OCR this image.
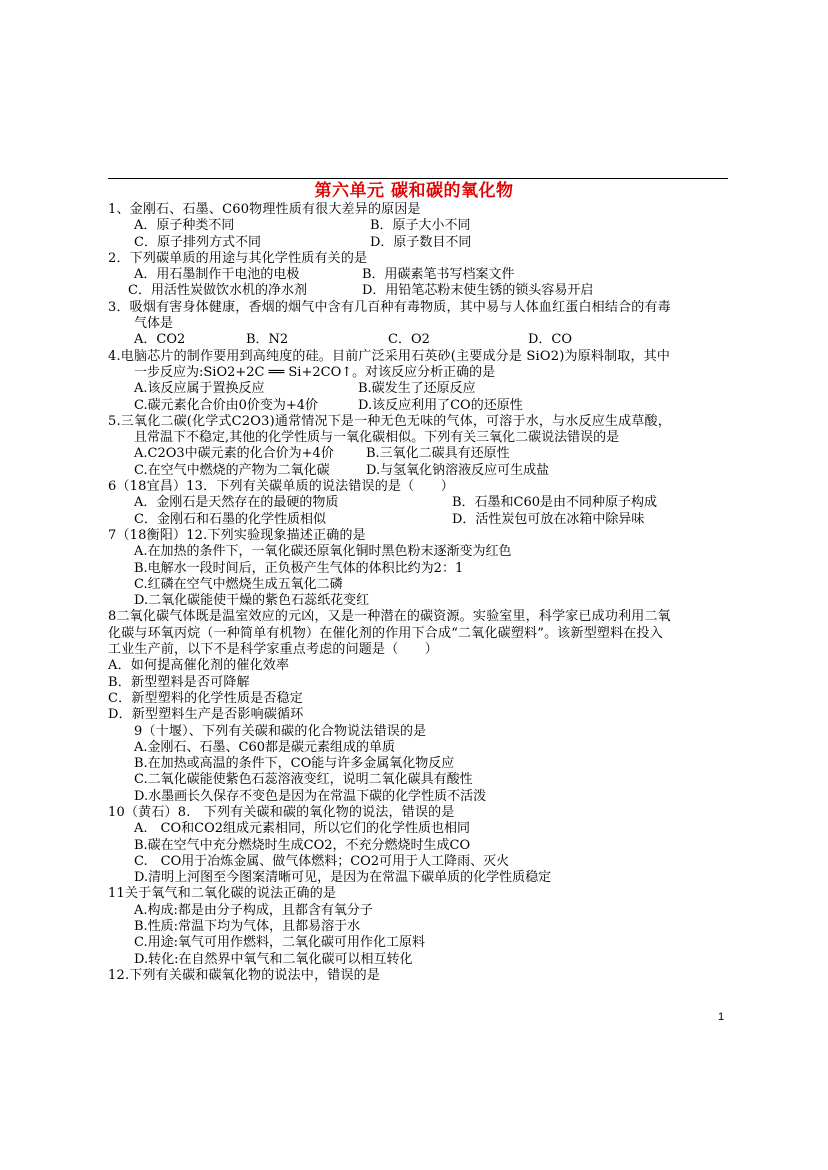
第六单元 碳和碳的氧化物
1、金刚石、石墨、C60物理性质有很大差异的原因是
A．原子种类不同	B．原子大小不同
C．原子排列方式不同	D．原子数目不同
2．下列碳单质的用途与其化学性质有关的是
A．用石墨制作干电池的电极	B．用碳素笔书写档案文件
C．用活性炭做饮水机的净水剂	D．用铅笔芯粉末使生锈的锁头容易开启
3．吸烟有害身体健康，香烟的烟气中含有几百种有毒物质，其中易与人体血红蛋白相结合的有毒
气体是
A．CO2	B．N2	C．O2	D．CO
4.电脑芯片的制作要用到高纯度的硅。目前广泛采用石英砂(主要成分是 SiO2)为原料制取，其中
一步反应为:SiO2+2C ══ Si+2CO↑。对该反应分析正确的是
A.该反应属于置换反应	B.碳发生了还原反应
C.碳元素化合价由0价变为+4价	D.该反应利用了CO的还原性
5.三氧化二碳(化学式C2O3)通常情况下是一种无色无味的气体，可溶于水，与水反应生成草酸，
且常温下不稳定,其他的化学性质与一氧化碳相似。下列有关三氧化二碳说法错误的是
A.C2O3中碳元素的化合价为+4价	B.三氧化二碳具有还原性
C.在空气中燃烧的产物为二氧化碳	D.与氢氧化钠溶液反应可生成盐
6（18宜昌）13．下列有关碳单质的说法错误的是（　　）
A．金刚石是天然存在的最硬的物质	B．石墨和C60是由不同种原子构成
C．金刚石和石墨的化学性质相似	D．活性炭包可放在冰箱中除异味
7（18衡阳）12.下列实验现象描述正确的是
A.在加热的条件下，一氧化碳还原氧化铜时黑色粉末逐渐变为红色
B.电解水一段时间后，正负极产生气体的体积比约为2：1
C.红磷在空气中燃烧生成五氧化二磷
D.二氧化碳能使干燥的紫色石蕊纸花变红
8二氧化碳气体既是温室效应的元凶，又是一种潜在的碳资源。实验室里，科学家已成功利用二氧
化碳与环氧丙烷（一种简单有机物）在催化剂的作用下合成“二氧化碳塑料”。该新型塑料在投入
工业生产前，以下不是科学家重点考虑的问题是（　　）
A．如何提高催化剂的催化效率
B．新型塑料是否可降解
C．新型塑料的化学性质是否稳定
D．新型塑料生产是否影响碳循环
9（十堰）、下列有关碳和碳的化合物说法错误的是
A.金刚石、石墨、C60都是碳元素组成的单质
B.在加热或高温的条件下，CO能与许多金属氧化物反应
C.二氧化碳能使紫色石蕊溶液变红，说明二氧化碳具有酸性
D.水墨画长久保存不变色是因为在常温下碳的化学性质不活泼
10（黄石）8.　下列有关碳和碳的氧化物的说法，错误的是
A.　CO和CO2组成元素相同，所以它们的化学性质也相同
B.碳在空气中充分燃烧时生成CO2，不充分燃烧时生成CO
C.　CO用于冶炼金属、做气体燃料；CO2可用于人工降雨、灭火
D.清明上河图至今图案清晰可见，是因为在常温下碳单质的化学性质稳定
11关于氧气和二氧化碳的说法正确的是
A.构成:都是由分子构成，且都含有氧分子
B.性质:常温下均为气体，且都易溶于水
C.用途:氧气可用作燃料，二氧化碳可用作化工原料
D.转化:在自然界中氧气和二氧化碳可以相互转化
12.下列有关碳和碳氧化物的说法中，错误的是
1
